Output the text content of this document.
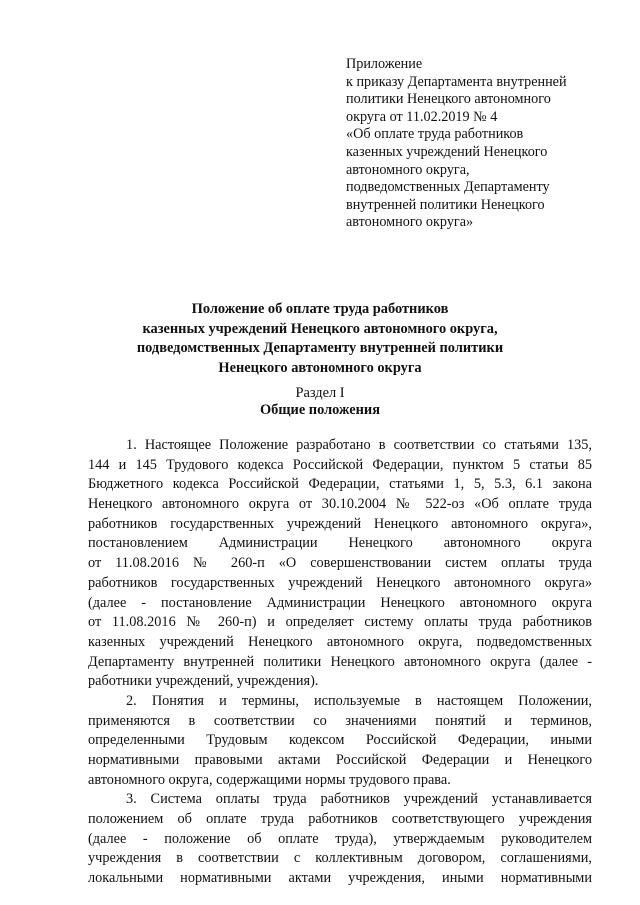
Приложение
к приказу Департамента внутренней
политики Ненецкого автономного
округа от 11.02.2019 № 4
«Об оплате труда работников
казенных учреждений Ненецкого
автономного округа,
подведомственных Департаменту
внутренней политики Ненецкого
автономного округа»
Положение об оплате труда работников
казенных учреждений Ненецкого автономного округа,
подведомственных Департаменту внутренней политики
Ненецкого автономного округа
Раздел I
Общие положения
1. Настоящее Положение разработано в соответствии со статьями 135,
144 и 145 Трудового кодекса Российской Федерации, пунктом 5 статьи 85
Бюджетного кодекса Российской Федерации, статьями 1, 5, 5.3, 6.1 закона
Ненецкого автономного округа от 30.10.2004 № 522-оз «Об оплате труда
работников государственных учреждений Ненецкого автономного округа»,
постановлением Администрации Ненецкого автономного округа
от 11.08.2016 № 260-п «О совершенствовании систем оплаты труда
работников государственных учреждений Ненецкого автономного округа»
(далее - постановление Администрации Ненецкого автономного округа
от 11.08.2016 № 260-п) и определяет систему оплаты труда работников
казенных учреждений Ненецкого автономного округа, подведомственных
Департаменту внутренней политики Ненецкого автономного округа (далее -
работники учреждений, учреждения).
2. Понятия и термины, используемые в настоящем Положении,
применяются в соответствии со значениями понятий и терминов,
определенными Трудовым кодексом Российской Федерации, иными
нормативными правовыми актами Российской Федерации и Ненецкого
автономного округа, содержащими нормы трудового права.
3. Система оплаты труда работников учреждений устанавливается
положением об оплате труда работников соответствующего учреждения
(далее - положение об оплате труда), утверждаемым руководителем
учреждения в соответствии с коллективным договором, соглашениями,
локальными нормативными актами учреждения, иными нормативными
